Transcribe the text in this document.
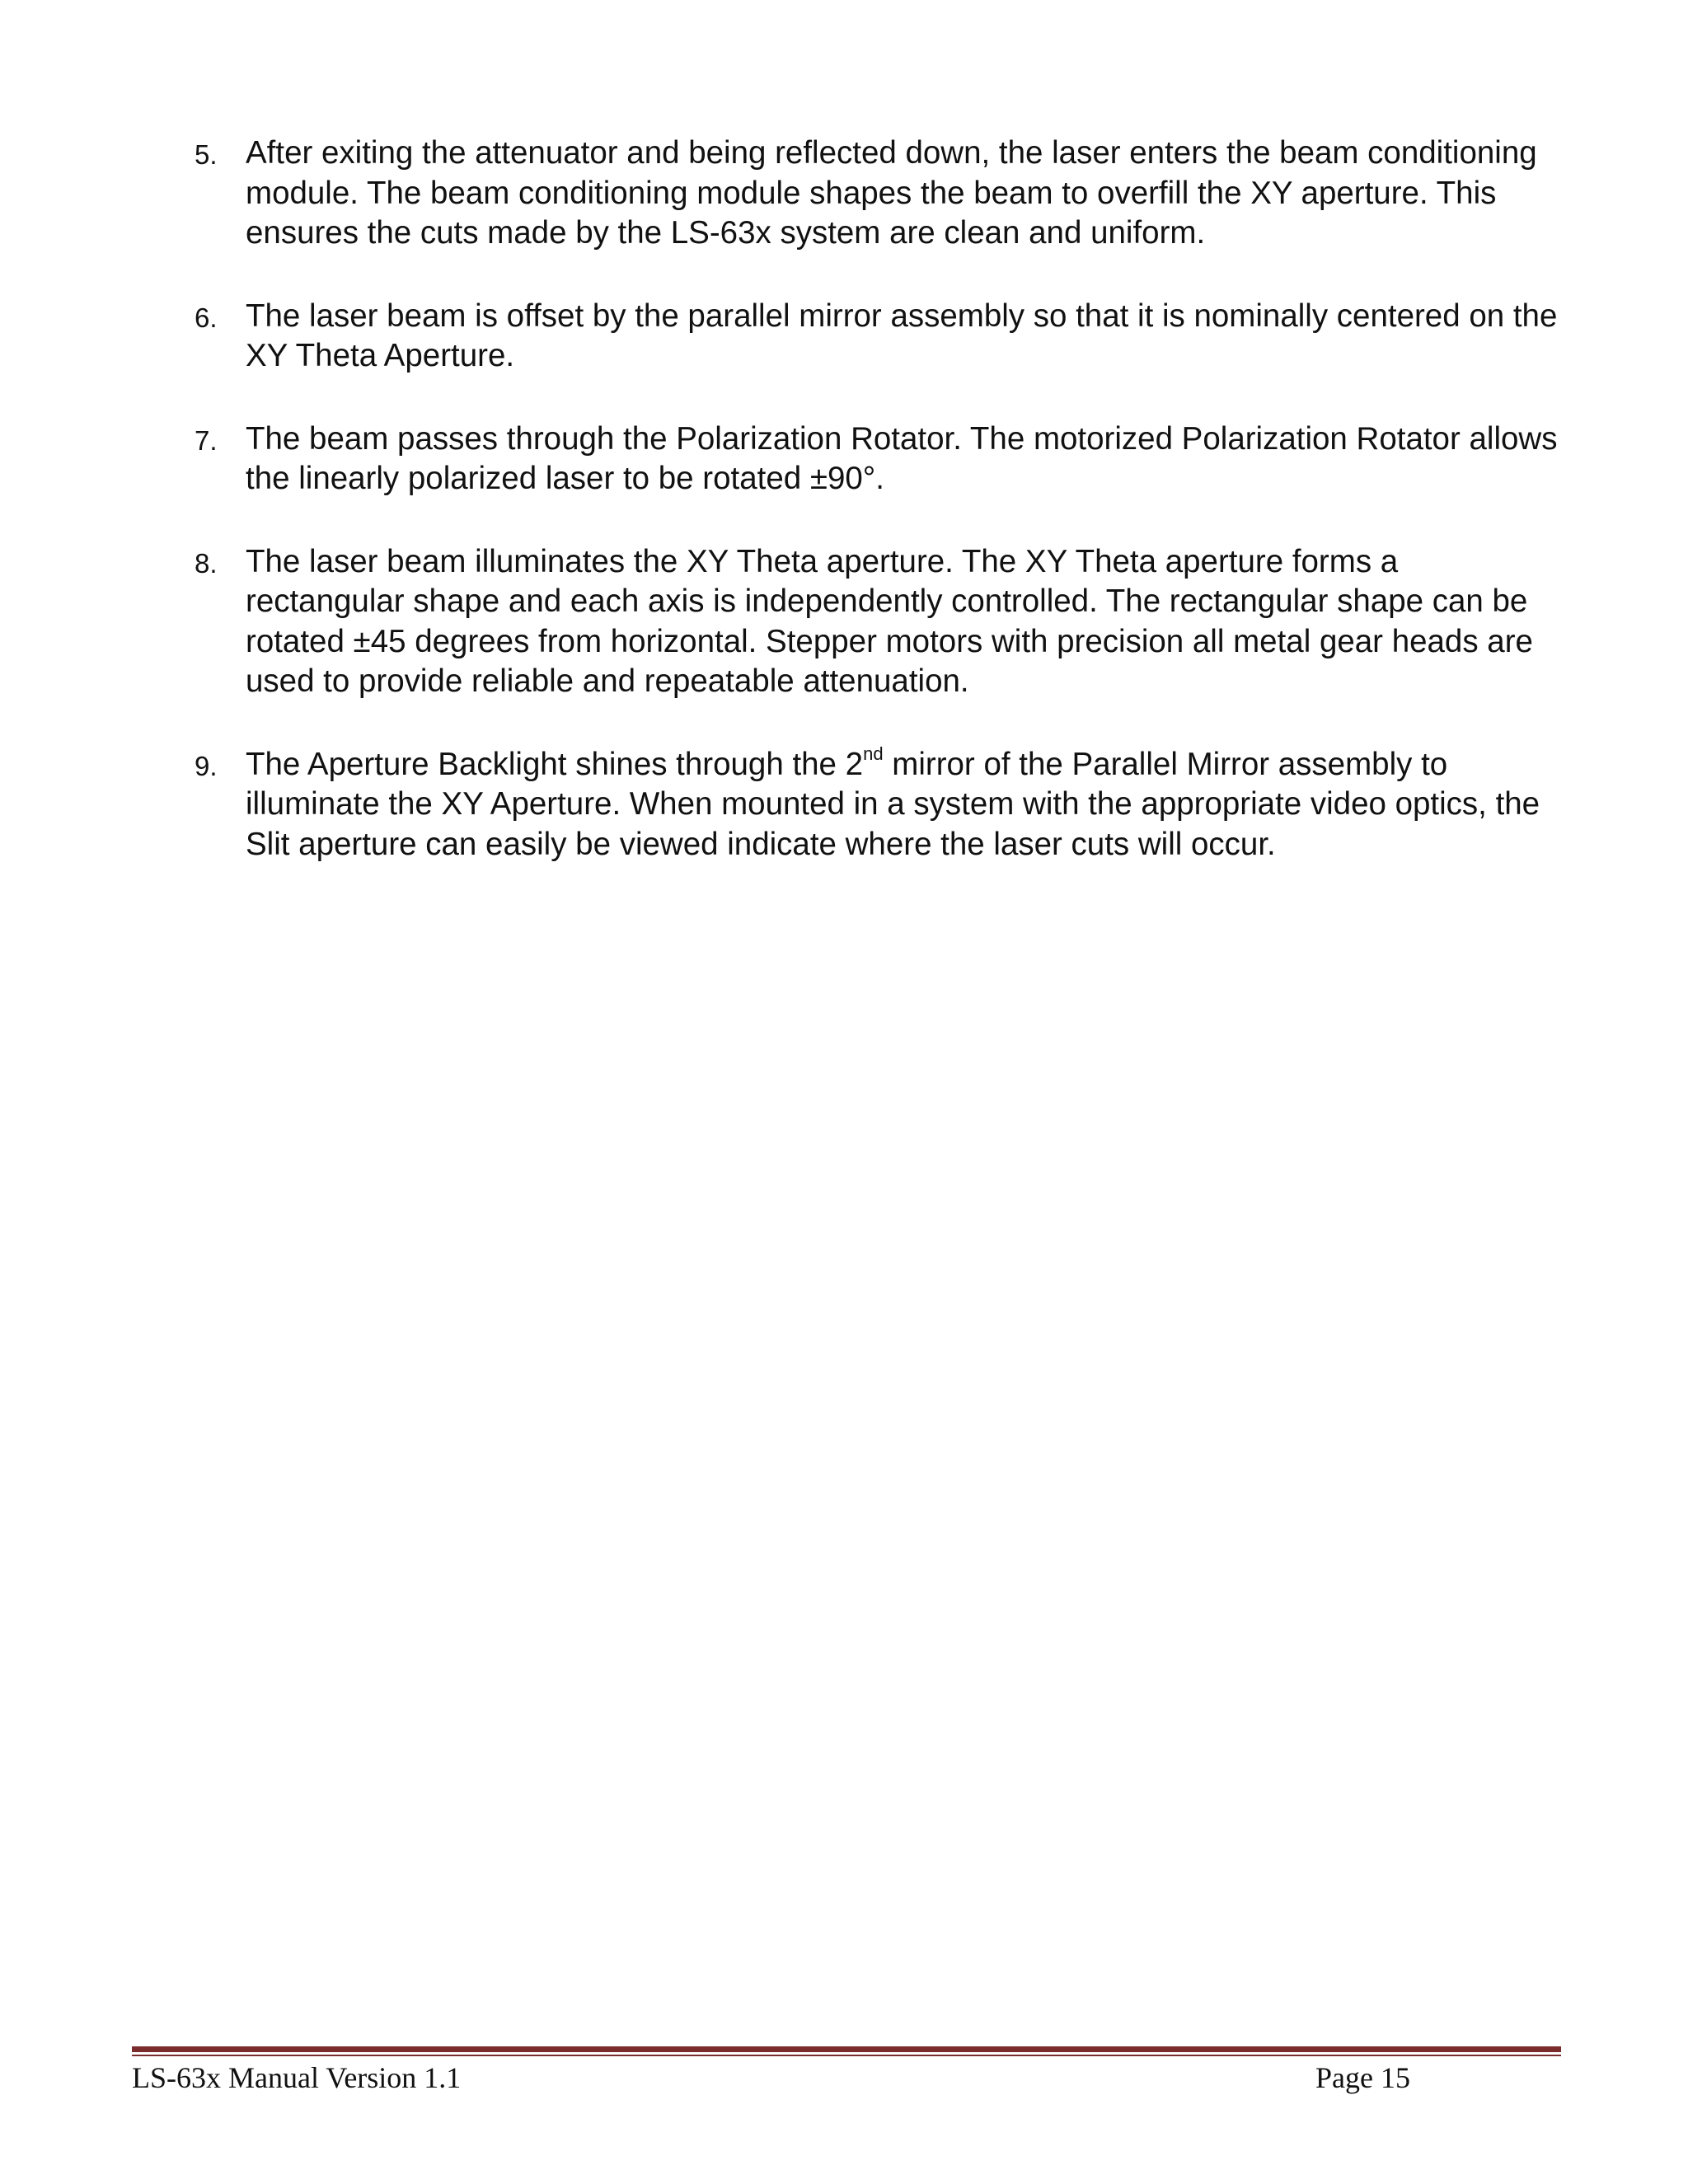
5. After exiting the attenuator and being reflected down, the laser enters the beam conditioning module. The beam conditioning module shapes the beam to overfill the XY aperture. This ensures the cuts made by the LS-63x system are clean and uniform.
6. The laser beam is offset by the parallel mirror assembly so that it is nominally centered on the XY Theta Aperture.
7. The beam passes through the Polarization Rotator. The motorized Polarization Rotator allows the linearly polarized laser to be rotated ±90°.
8. The laser beam illuminates the XY Theta aperture. The XY Theta aperture forms a rectangular shape and each axis is independently controlled. The rectangular shape can be rotated ±45 degrees from horizontal. Stepper motors with precision all metal gear heads are used to provide reliable and repeatable attenuation.
9. The Aperture Backlight shines through the 2nd mirror of the Parallel Mirror assembly to illuminate the XY Aperture. When mounted in a system with the appropriate video optics, the Slit aperture can easily be viewed indicate where the laser cuts will occur.
LS-63x Manual Version 1.1	Page 15
